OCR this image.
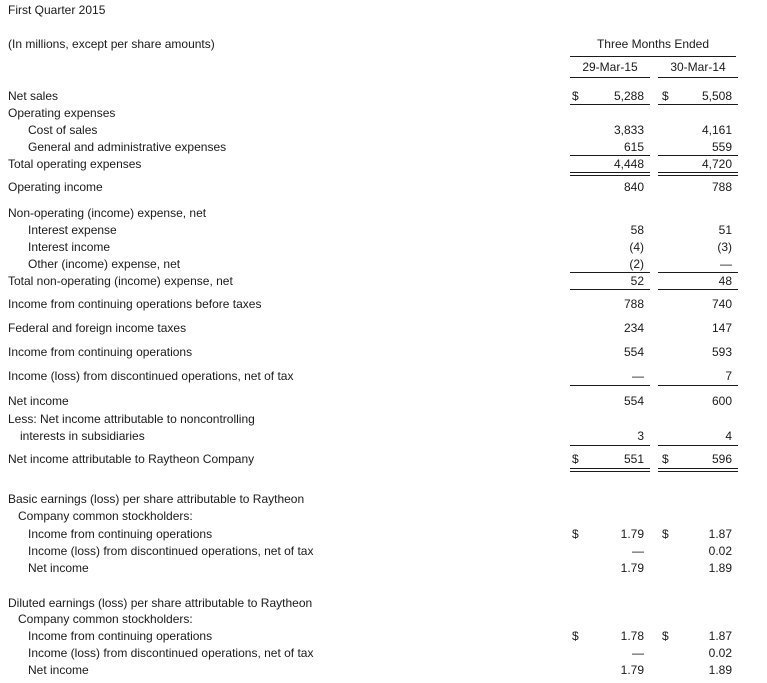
First Quarter 2015
(In millions, except per share amounts)	Three Months Ended
29-Mar-15	30-Mar-14
Net sales	5,288	5,508
$	$
Operating expenses
Cost of sales	3,833	4,161
General and administrative expenses	615	559
Total operating expenses	4,448	4,720
Operating income	840	788
Non-operating (income) expense, net
Interest expense	58	51
Interest income	(4)	(3)
Other (income) expense, net	(2)	—
Total non-operating (income) expense, net	52	48
Income from continuing operations before taxes	788	740
Federal and foreign income taxes	234	147
Income from continuing operations	554	593
Income (loss) from discontinued operations, net of tax	—	7
Net income	554	600
Less: Net income attributable to noncontrolling
interests in subsidiaries	3	4
Net income attributable to Raytheon Company	551	596
$	$
Basic earnings (loss) per share attributable to Raytheon
Company common stockholders:
Income from continuing operations	1.79	1.87
$	$
Income (loss) from discontinued operations, net of tax	—	0.02
Net income	1.79	1.89
Diluted earnings (loss) per share attributable to Raytheon
Company common stockholders:
Income from continuing operations	1.78	1.87
$	$
Income (loss) from discontinued operations, net of tax	—	0.02
Net income	1.79	1.89
